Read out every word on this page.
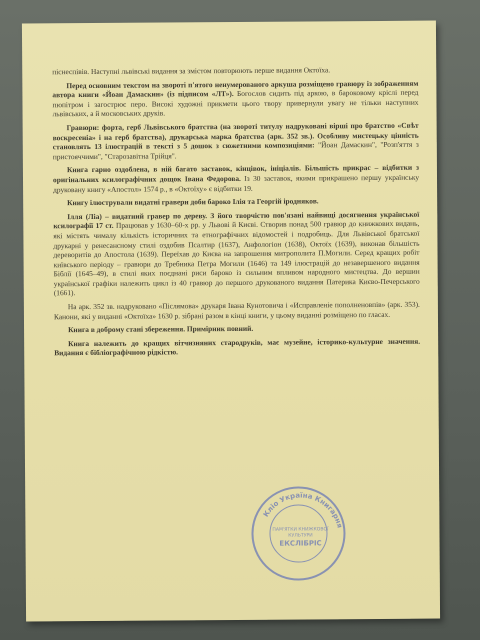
піснеспівів. Наступні львівські видання за змістом повторюють перше видання Октоїха.

Перед основним текстом на звороті п'ятого ненумерованого аркуша розміщено гравюру із зображенням автора книги «Йоан Дамаскин» (із підписом «ЛТ»). Богослов сидить під аркою, в бароковому кріслі перед пюпітром і загострює перо. Високі художні прикмети цього твору привернули увагу не тільки наступних львівських, а й московських друків.

Гравюри: форта, герб Львівського братства (на звороті титулу надруковані вірші про братство «Свѣт воскресеніа» і на герб братства), друкарська марка братства (арк. 352 зв.). Особливу мистецьку цінність становлять 13 ілюстрацій в тексті з 5 дошок з сюжетними композиціями: "Йоан Дамаскин", "Розп'яття з пристояччими", "Старозавітна Трійця".

Книга гарно оздоблена, в ній багато заставок, кінцівок, ініціалів. Більшість прикрас – відбитки з оригінальних ксилографічних дощок Івана Федорова. Із 30 заставок, якими прикрашено першу українську друковану книгу «Апостол» 1574 р., в «Октоїху» є відбитки 19.

Книгу ілюстрували видатні гравери доби бароко Ілія та Георгій іродняков.

Ілля (Ліа) – видатний гравер по дереву. З його творчістю пов'язані найвищі досягнення української ксилографії 17 ст. Працював у 1630–60-х рр. у Львові й Києві. Створив понад 500 гравюр до книжкових видань, які містять чималу кількість історичних та етнографічних відомостей і подробиць. Для Львівської братської друкарні у ренесансному стилі оздобив Псалтир (1637), Анфологіон (1638), Октоїх (1639), виконав більшість дереворитів до Апостола (1639). Переїхав до Києва на запрошення митрополита П.Могили. Серед кращих робіт київського періоду – гравюри до Требника Петра Могили (1646) та 149 ілюстрацій до незавершеного видання Біблії (1645–49), в стилі яких поєднані риси бароко із сильним впливом народного мистецтва. До вершин української графіки належить цикл із 40 гравюр до першого друкованого видання Патерика Києво-Печерського (1661).

На арк. 352 зв. надруковано «Післямова» друкаря Івана Кунотовича і «Исправленіе пополненовпів» (арк. 353). Канони, які у виданні «Октоїха» 1630 р. зібрані разом в кінці книги, у цьому виданні розміщено по гласах.

Книга в доброму стані збереження. Примірник повний.

Книга належить до кращих вітчизняних стародруків, має музейне, історико-культурне значення. Видання є бібліографічною рідкістю.

Кліо Україна Книгарня
ПАМ'ЯТКИ КНИЖКОВОЇ
КУЛЬТУРИ
ЕКСЛІБРІС
